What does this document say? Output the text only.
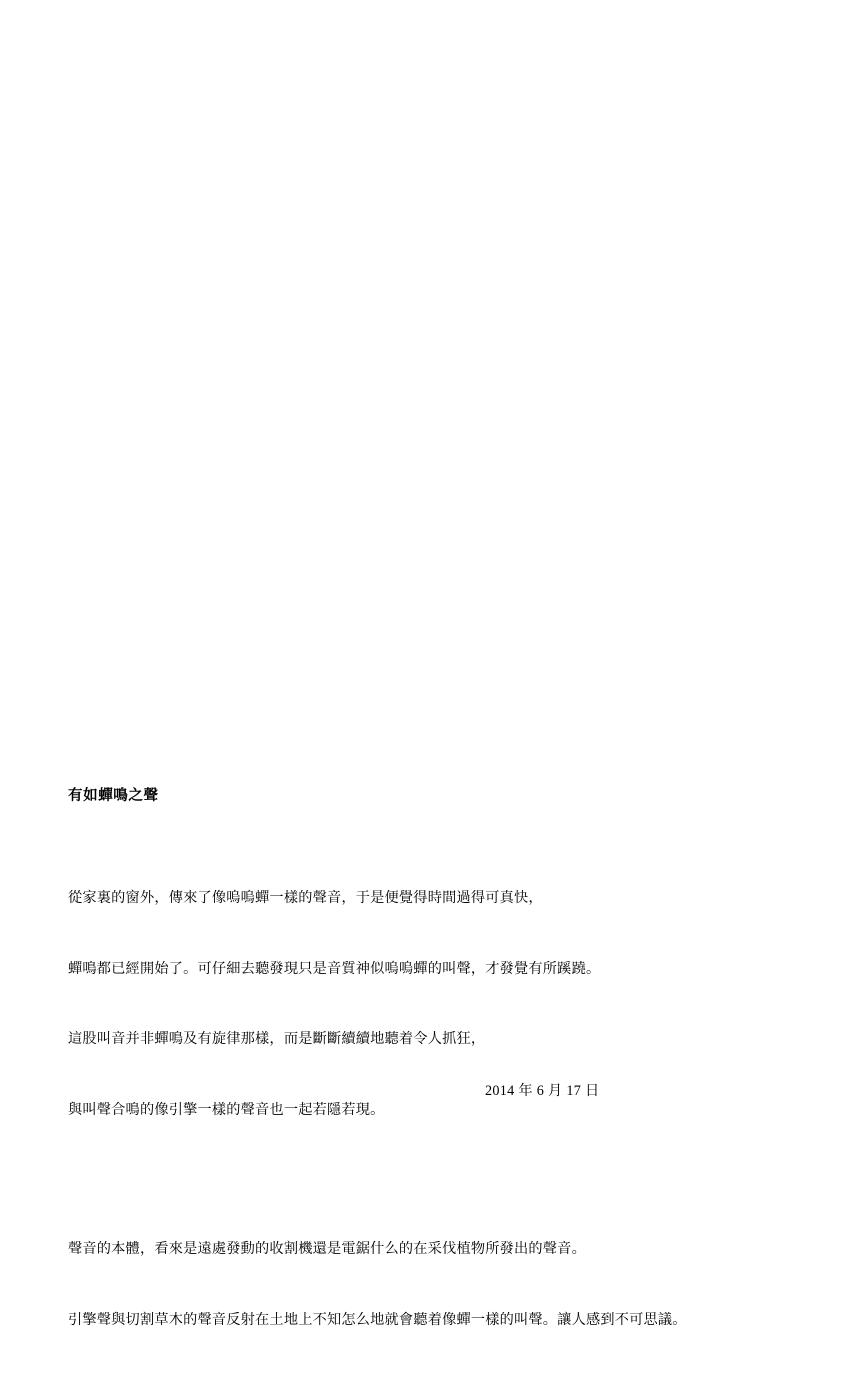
有如蟬鳴之聲

從家裏的窗外，傳來了像嗚嗚蟬一樣的聲音，于是便覺得時間過得可真快，

蟬鳴都已經開始了。可仔細去聽發現只是音質神似嗚嗚蟬的叫聲，才發覺有所蹊蹺。

這股叫音并非蟬鳴及有旋律那樣，而是斷斷續續地聽着令人抓狂，

與叫聲合鳴的像引擎一樣的聲音也一起若隱若現。

聲音的本體，看來是遠處發動的收割機還是電鋸什么的在采伐植物所發出的聲音。

引擎聲與切割草木的聲音反射在土地上不知怎么地就會聽着像蟬一樣的叫聲。讓人感到不可思議。

2014 年 6 月 17 日
